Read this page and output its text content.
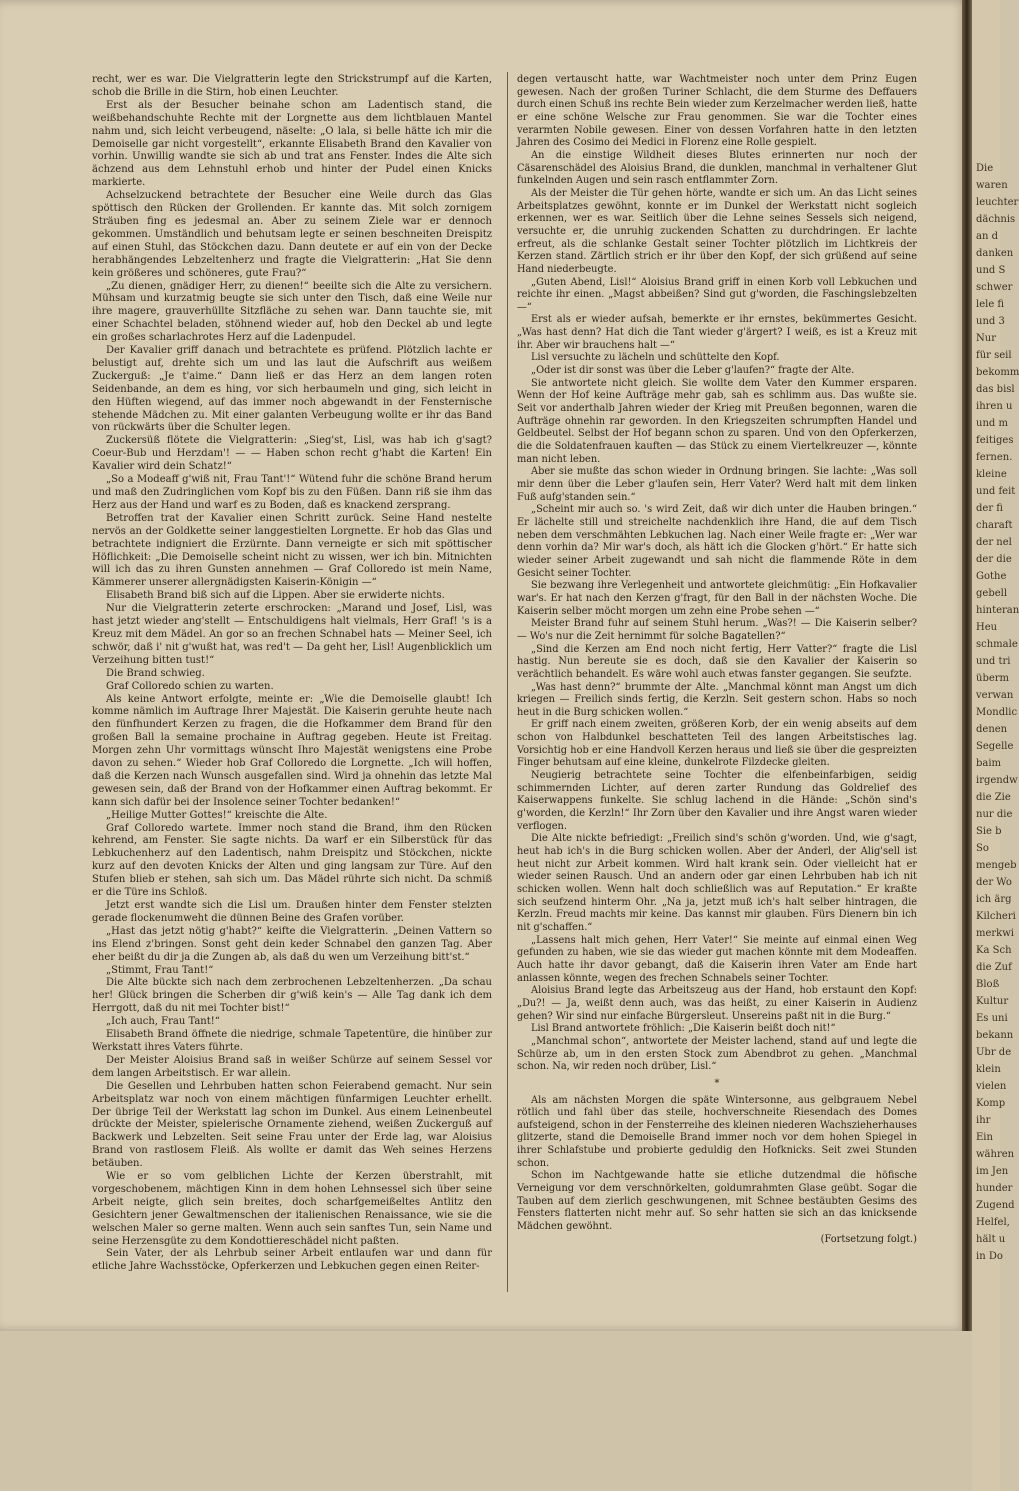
recht, wer es war. Die Vielgratterin legte den Strickstrumpf auf die Karten, schob die Brille in die Stirn, hob einen Leuchter.

Erst als der Besucher beinahe schon am Ladentisch stand, die weißbehandschuhte Rechte mit der Lorgnette aus dem lichtblauen Mantel nahm und, sich leicht verbeugend, näselte: „O lala, si belle hätte ich mir die Demoiselle gar nicht vorgestellt“, erkannte Elisabeth Brand den Kavalier von vorhin. Unwillig wandte sie sich ab und trat ans Fenster. Indes die Alte sich ächzend aus dem Lehnstuhl erhob und hinter der Pudel einen Knicks markierte.

Achselzuckend betrachtete der Besucher eine Weile durch das Glas spöttisch den Rücken der Grollenden. Er kannte das. Mit solch zornigem Sträuben fing es jedesmal an. Aber zu seinem Ziele war er dennoch gekommen. Umständlich und behutsam legte er seinen beschneiten Dreispitz auf einen Stuhl, das Stöckchen dazu. Dann deutete er auf ein von der Decke herabhängendes Lebzeltenherz und fragte die Vielgratterin: „Hat Sie denn kein größeres und schöneres, gute Frau?“

„Zu dienen, gnädiger Herr, zu dienen!“ beeilte sich die Alte zu versichern. Mühsam und kurzatmig beugte sie sich unter den Tisch, daß eine Weile nur ihre magere, grauverhüllte Sitzfläche zu sehen war. Dann tauchte sie, mit einer Schachtel beladen, stöhnend wieder auf, hob den Deckel ab und legte ein großes scharlachrotes Herz auf die Ladenpudel.

Der Kavalier griff danach und betrachtete es prüfend. Plötzlich lachte er belustigt auf, drehte sich um und las laut die Aufschrift aus weißem Zuckerguß: „Je t'aime.“ Dann ließ er das Herz an dem langen roten Seidenbande, an dem es hing, vor sich herbaumeln und ging, sich leicht in den Hüften wiegend, auf das immer noch abgewandt in der Fensternische stehende Mädchen zu. Mit einer galanten Verbeugung wollte er ihr das Band von rückwärts über die Schulter legen.

Zuckersüß flötete die Vielgratterin: „Sieg'st, Lisl, was hab ich g'sagt? Coeur-Bub und Herzdam'! — — Haben schon recht g'habt die Karten! Ein Kavalier wird dein Schatz!“

„So a Modeaff g'wiß nit, Frau Tant'!“ Wütend fuhr die schöne Brand herum und maß den Zudringlichen vom Kopf bis zu den Füßen. Dann riß sie ihm das Herz aus der Hand und warf es zu Boden, daß es knackend zersprang.

Betroffen trat der Kavalier einen Schritt zurück. Seine Hand nestelte nervös an der Goldkette seiner langgestielten Lorgnette. Er hob das Glas und betrachtete indigniert die Erzürnte. Dann verneigte er sich mit spöttischer Höflichkeit: „Die Demoiselle scheint nicht zu wissen, wer ich bin. Mitnichten will ich das zu ihren Gunsten annehmen — Graf Colloredo ist mein Name, Kämmerer unserer allergnädigsten Kaiserin-Königin —“

Elisabeth Brand biß sich auf die Lippen. Aber sie erwiderte nichts.

Nur die Vielgratterin zeterte erschrocken: „Marand und Josef, Lisl, was hast jetzt wieder ang'stellt — Entschuldigens halt vielmals, Herr Graf! 's is a Kreuz mit dem Mädel. An gor so an frechen Schnabel hats — Meiner Seel, ich schwör, daß i' nit g'wußt hat, was red't — Da geht her, Lisl! Augenblicklich um Verzeihung bitten tust!“

Die Brand schwieg.

Graf Colloredo schien zu warten.

Als keine Antwort erfolgte, meinte er: „Wie die Demoiselle glaubt! Ich komme nämlich im Auftrage Ihrer Majestät. Die Kaiserin geruhte heute nach den fünfhundert Kerzen zu fragen, die die Hofkammer dem Brand für den großen Ball la semaine prochaine in Auftrag gegeben. Heute ist Freitag. Morgen zehn Uhr vormittags wünscht Ihro Majestät wenigstens eine Probe davon zu sehen.“ Wieder hob Graf Colloredo die Lorgnette. „Ich will hoffen, daß die Kerzen nach Wunsch ausgefallen sind. Wird ja ohnehin das letzte Mal gewesen sein, daß der Brand von der Hofkammer einen Auftrag bekommt. Er kann sich dafür bei der Insolence seiner Tochter bedanken!“

„Heilige Mutter Gottes!“ kreischte die Alte.

Graf Colloredo wartete. Immer noch stand die Brand, ihm den Rücken kehrend, am Fenster. Sie sagte nichts. Da warf er ein Silberstück für das Lebkuchenherz auf den Ladentisch, nahm Dreispitz und Stöckchen, nickte kurz auf den devoten Knicks der Alten und ging langsam zur Türe. Auf den Stufen blieb er stehen, sah sich um. Das Mädel rührte sich nicht. Da schmiß er die Türe ins Schloß.

Jetzt erst wandte sich die Lisl um. Draußen hinter dem Fenster stelzten gerade flockenumweht die dünnen Beine des Grafen vorüber.

„Hast das jetzt nötig g'habt?“ keifte die Vielgratterin. „Deinen Vattern so ins Elend z'bringen. Sonst geht dein keder Schnabel den ganzen Tag. Aber eher beißt du dir ja die Zungen ab, als daß du wen um Verzeihung bitt'st.“

„Stimmt, Frau Tant!“

Die Alte bückte sich nach dem zerbrochenen Lebzeltenherzen. „Da schau her! Glück bringen die Scherben dir g'wiß kein's — Alle Tag dank ich dem Herrgott, daß du nit mei Tochter bist!“

„Ich auch, Frau Tant!“

Elisabeth Brand öffnete die niedrige, schmale Tapetentüre, die hinüber zur Werkstatt ihres Vaters führte.

Der Meister Aloisius Brand saß in weißer Schürze auf seinem Sessel vor dem langen Arbeitstisch. Er war allein.

Die Gesellen und Lehrbuben hatten schon Feierabend gemacht. Nur sein Arbeitsplatz war noch von einem mächtigen fünfarmigen Leuchter erhellt. Der übrige Teil der Werkstatt lag schon im Dunkel. Aus einem Leinenbeutel drückte der Meister, spielerische Ornamente ziehend, weißen Zuckerguß auf Backwerk und Lebzelten. Seit seine Frau unter der Erde lag, war Aloisius Brand von rastlosem Fleiß. Als wollte er damit das Weh seines Herzens betäuben.

Wie er so vom gelblichen Lichte der Kerzen überstrahlt, mit vorgeschobenem, mächtigen Kinn in dem hohen Lehnsessel sich über seine Arbeit neigte, glich sein breites, doch scharfgemeißeltes Antlitz den Gesichtern jener Gewaltmenschen der italienischen Renaissance, wie sie die welschen Maler so gerne malten. Wenn auch sein sanftes Tun, sein Name und seine Herzensgüte zu dem Kondottiereschädel nicht paßten.

Sein Vater, der als Lehrbub seiner Arbeit entlaufen war und dann für etliche Jahre Wachsstöcke, Opferkerzen und Lebkuchen gegen einen Reiter-

degen vertauscht hatte, war Wachtmeister noch unter dem Prinz Eugen gewesen. Nach der großen Turiner Schlacht, die dem Sturme des Deffauers durch einen Schuß ins rechte Bein wieder zum Kerzelmacher werden ließ, hatte er eine schöne Welsche zur Frau genommen. Sie war die Tochter eines verarmten Nobile gewesen. Einer von dessen Vorfahren hatte in den letzten Jahren des Cosimo dei Medici in Florenz eine Rolle gespielt.

An die einstige Wildheit dieses Blutes erinnerten nur noch der Cäsarenschädel des Aloisius Brand, die dunklen, manchmal in verhaltener Glut funkelnden Augen und sein rasch entflammter Zorn.

Als der Meister die Tür gehen hörte, wandte er sich um. An das Licht seines Arbeitsplatzes gewöhnt, konnte er im Dunkel der Werkstatt nicht sogleich erkennen, wer es war. Seitlich über die Lehne seines Sessels sich neigend, versuchte er, die unruhig zuckenden Schatten zu durchdringen. Er lachte erfreut, als die schlanke Gestalt seiner Tochter plötzlich im Lichtkreis der Kerzen stand. Zärtlich strich er ihr über den Kopf, der sich grüßend auf seine Hand niederbeugte.

„Guten Abend, Lisl!“ Aloisius Brand griff in einen Korb voll Lebkuchen und reichte ihr einen. „Magst abbeißen? Sind gut g'worden, die Faschingslebzelten —“

Erst als er wieder aufsah, bemerkte er ihr ernstes, bekümmertes Gesicht. „Was hast denn? Hat dich die Tant wieder g'ärgert? I weiß, es ist a Kreuz mit ihr. Aber wir brauchens halt —“

Lisl versuchte zu lächeln und schüttelte den Kopf.

„Oder ist dir sonst was über die Leber g'laufen?“ fragte der Alte.

Sie antwortete nicht gleich. Sie wollte dem Vater den Kummer ersparen. Wenn der Hof keine Aufträge mehr gab, sah es schlimm aus. Das wußte sie. Seit vor anderthalb Jahren wieder der Krieg mit Preußen begonnen, waren die Aufträge ohnehin rar geworden. In den Kriegszeiten schrumpften Handel und Geldbeutel. Selbst der Hof begann schon zu sparen. Und von den Opferkerzen, die die Soldatenfrauen kauften — das Stück zu einem Viertelkreuzer —, könnte man nicht leben.

Aber sie mußte das schon wieder in Ordnung bringen. Sie lachte: „Was soll mir denn über die Leber g'laufen sein, Herr Vater? Werd halt mit dem linken Fuß aufg'standen sein.“

„Scheint mir auch so. 's wird Zeit, daß wir dich unter die Hauben bringen.“ Er lächelte still und streichelte nachdenklich ihre Hand, die auf dem Tisch neben dem verschmähten Lebkuchen lag. Nach einer Weile fragte er: „Wer war denn vorhin da? Mir war's doch, als hätt ich die Glocken g'hört.“ Er hatte sich wieder seiner Arbeit zugewandt und sah nicht die flammende Röte in dem Gesicht seiner Tochter.

Sie bezwang ihre Verlegenheit und antwortete gleichmütig: „Ein Hofkavalier war's. Er hat nach den Kerzen g'fragt, für den Ball in der nächsten Woche. Die Kaiserin selber möcht morgen um zehn eine Probe sehen —“

Meister Brand fuhr auf seinem Stuhl herum. „Was?! — Die Kaiserin selber? — Wo's nur die Zeit hernimmt für solche Bagatellen?“

„Sind die Kerzen am End noch nicht fertig, Herr Vatter?“ fragte die Lisl hastig. Nun bereute sie es doch, daß sie den Kavalier der Kaiserin so verächtlich behandelt. Es wäre wohl auch etwas fanster gegangen. Sie seufzte.

„Was hast denn?“ brummte der Alte. „Manchmal könnt man Angst um dich kriegen — Freilich sinds fertig, die Kerzln. Seit gestern schon. Habs so noch heut in die Burg schicken wollen.“

Er griff nach einem zweiten, größeren Korb, der ein wenig abseits auf dem schon von Halbdunkel beschatteten Teil des langen Arbeitstisches lag. Vorsichtig hob er eine Handvoll Kerzen heraus und ließ sie über die gespreizten Finger behutsam auf eine kleine, dunkelrote Filzdecke gleiten.

Neugierig betrachtete seine Tochter die elfenbeinfarbigen, seidig schimmernden Lichter, auf deren zarter Rundung das Goldrelief des Kaiserwappens funkelte. Sie schlug lachend in die Hände: „Schön sind's g'worden, die Kerzln!“ Ihr Zorn über den Kavalier und ihre Angst waren wieder verflogen.

Die Alte nickte befriedigt: „Freilich sind's schön g'worden. Und, wie g'sagt, heut hab ich's in die Burg schicken wollen. Aber der Anderl, der Alig'sell ist heut nicht zur Arbeit kommen. Wird halt krank sein. Oder vielleicht hat er wieder seinen Rausch. Und an andern oder gar einen Lehrbuben hab ich nit schicken wollen. Wenn halt doch schließlich was auf Reputation.“ Er kraßte sich seufzend hinterm Ohr. „Na ja, jetzt muß ich's halt selber hintragen, die Kerzln. Freud machts mir keine. Das kannst mir glauben. Fürs Dienern bin ich nit g'schaffen.“

„Lassens halt mich gehen, Herr Vater!“ Sie meinte auf einmal einen Weg gefunden zu haben, wie sie das wieder gut machen könnte mit dem Modeaffen. Auch hatte ihr davor gebangt, daß die Kaiserin ihren Vater am Ende hart anlassen könnte, wegen des frechen Schnabels seiner Tochter.

Aloisius Brand legte das Arbeitszeug aus der Hand, hob erstaunt den Kopf: „Du?! — Ja, weißt denn auch, was das heißt, zu einer Kaiserin in Audienz gehen? Wir sind nur einfache Bürgersleut. Unsereins paßt nit in die Burg.“

Lisl Brand antwortete fröhlich: „Die Kaiserin beißt doch nit!“

„Manchmal schon“, antwortete der Meister lachend, stand auf und legte die Schürze ab, um in den ersten Stock zum Abendbrot zu gehen. „Manchmal schon. Na, wir reden noch drüber, Lisl.“

*

Als am nächsten Morgen die späte Wintersonne, aus gelbgrauem Nebel rötlich und fahl über das steile, hochverschneite Riesendach des Domes aufsteigend, schon in der Fensterreihe des kleinen niederen Wachszieherhauses glitzerte, stand die Demoiselle Brand immer noch vor dem hohen Spiegel in ihrer Schlafstube und probierte geduldig den Hofknicks. Seit zwei Stunden schon.

Schon im Nachtgewande hatte sie etliche dutzendmal die höfische Verneigung vor dem verschnörkelten, goldumrahmten Glase geübt. Sogar die Tauben auf dem zierlich geschwungenen, mit Schnee bestäubten Gesims des Fensters flatterten nicht mehr auf. So sehr hatten sie sich an das knicksende Mädchen gewöhnt.

(Fortsetzung folgt.)

Die
waren
leuchter
dächnis
an d
danken
und S
schwer
lele fi
und 3
Nur
für seil
bekomm
das bisl
ihren u
und m
feitiges
fernen.
kleine
und feit
der fi
charaft
der nel
der die
Gothe
gebell
hinteran
Heu
schmale
und tri
überm
verwan
Mondlic
denen
Segelle
baim
irgendw
die Zie
nur die
Sie b
So
mengeb
der Wo
ich ärg
Kilcheri
merkwi
Ka Sch
die Zuf
Bloß
Kultur
Es uni
bekann
Ubr de
klein
vielen
Komp
ihr
Ein
währen
im Jen
hunder
Zugend
Helfel,
hält u
in Do
